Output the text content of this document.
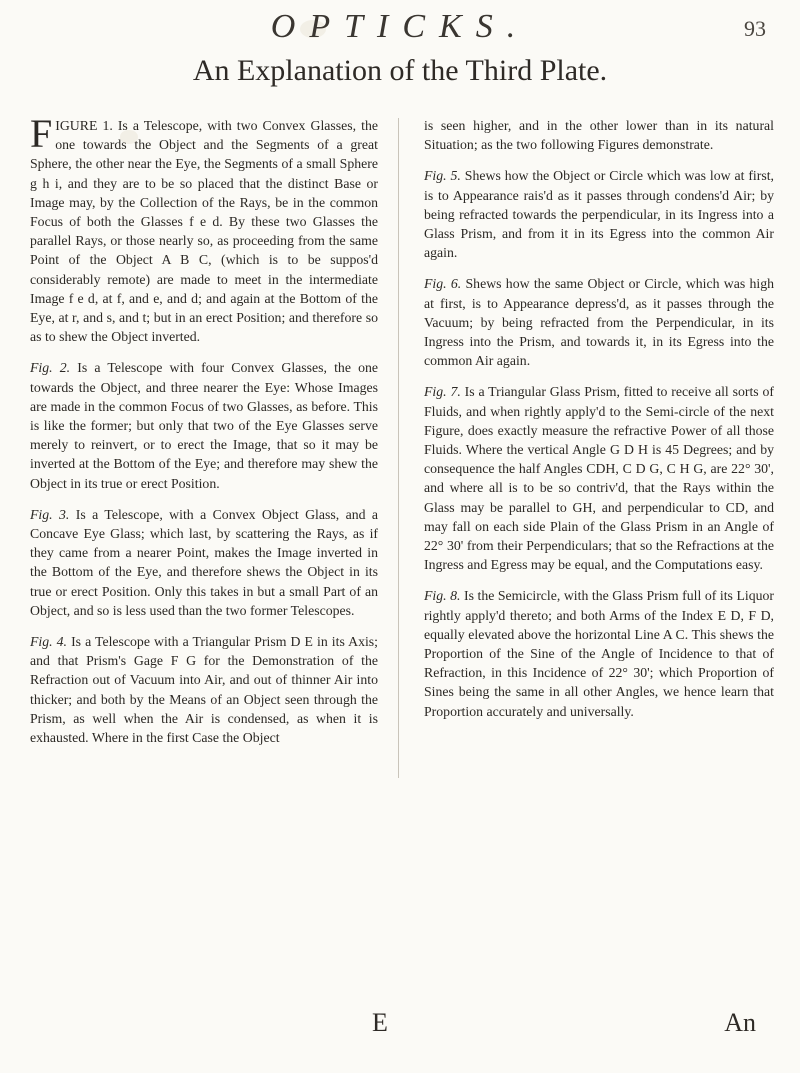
OPTICKS.	93
An Explanation of the Third Plate.

FIGURE 1. Is a Telescope, with two Convex Glasses, the one towards the Object and the Segments of a great Sphere, the other near the Eye, the Segments of a small Sphere g h i, and they are to be so placed that the distinct Base or Image may, by the Collection of the Rays, be in the common Focus of both the Glasses f e d. By these two Glasses the parallel Rays, or those nearly so, as proceeding from the same Point of the Object A B C, (which is to be suppos'd considerably remote) are made to meet in the intermediate Image f e d, at f, and e, and d; and again at the Bottom of the Eye, at r, and s, and t; but in an erect Position; and therefore so as to shew the Object inverted.

Fig. 2. Is a Telescope with four Convex Glasses, the one towards the Object, and three nearer the Eye: Whose Images are made in the common Focus of two Glasses, as before. This is like the former; but only that two of the Eye Glasses serve merely to reinvert, or to erect the Image, that so it may be inverted at the Bottom of the Eye; and therefore may shew the Object in its true or erect Position.

Fig. 3. Is a Telescope, with a Convex Object Glass, and a Concave Eye Glass; which last, by scattering the Rays, as if they came from a nearer Point, makes the Image inverted in the Bottom of the Eye, and therefore shews the Object in its true or erect Position. Only this takes in but a small Part of an Object, and so is less used than the two former Telescopes.

Fig. 4. Is a Telescope with a Triangular Prism D E in its Axis; and that Prism's Gage F G for the Demonstration of the Refraction out of Vacuum into Air, and out of thinner Air into thicker; and both by the Means of an Object seen through the Prism, as well when the Air is condensed, as when it is exhausted. Where in the first Case the Object

is seen higher, and in the other lower than in its natural Situation; as the two following Figures demonstrate.

Fig. 5. Shews how the Object or Circle which was low at first, is to Appearance rais'd as it passes through condens'd Air; by being refracted towards the perpendicular, in its Ingress into a Glass Prism, and from it in its Egress into the common Air again.

Fig. 6. Shews how the same Object or Circle, which was high at first, is to Appearance depress'd, as it passes through the Vacuum; by being refracted from the Perpendicular, in its Ingress into the Prism, and towards it, in its Egress into the common Air again.

Fig. 7. Is a Triangular Glass Prism, fitted to receive all sorts of Fluids, and when rightly apply'd to the Semi-circle of the next Figure, does exactly measure the refractive Power of all those Fluids. Where the vertical Angle G D H is 45 Degrees; and by consequence the half Angles CDH, C D G, C H G, are 22° 30', and where all is to be so contriv'd, that the Rays within the Glass may be parallel to GH, and perpendicular to CD, and may fall on each side Plain of the Glass Prism in an Angle of 22° 30' from their Perpendiculars; that so the Refractions at the Ingress and Egress may be equal, and the Computations easy.

Fig. 8. Is the Semicircle, with the Glass Prism full of its Liquor rightly apply'd thereto; and both Arms of the Index E D, F D, equally elevated above the horizontal Line A C. This shews the Proportion of the Sine of the Angle of Incidence to that of Refraction, in this Incidence of 22° 30'; which Proportion of Sines being the same in all other Angles, we hence learn that Proportion accurately and universally.

E	An
